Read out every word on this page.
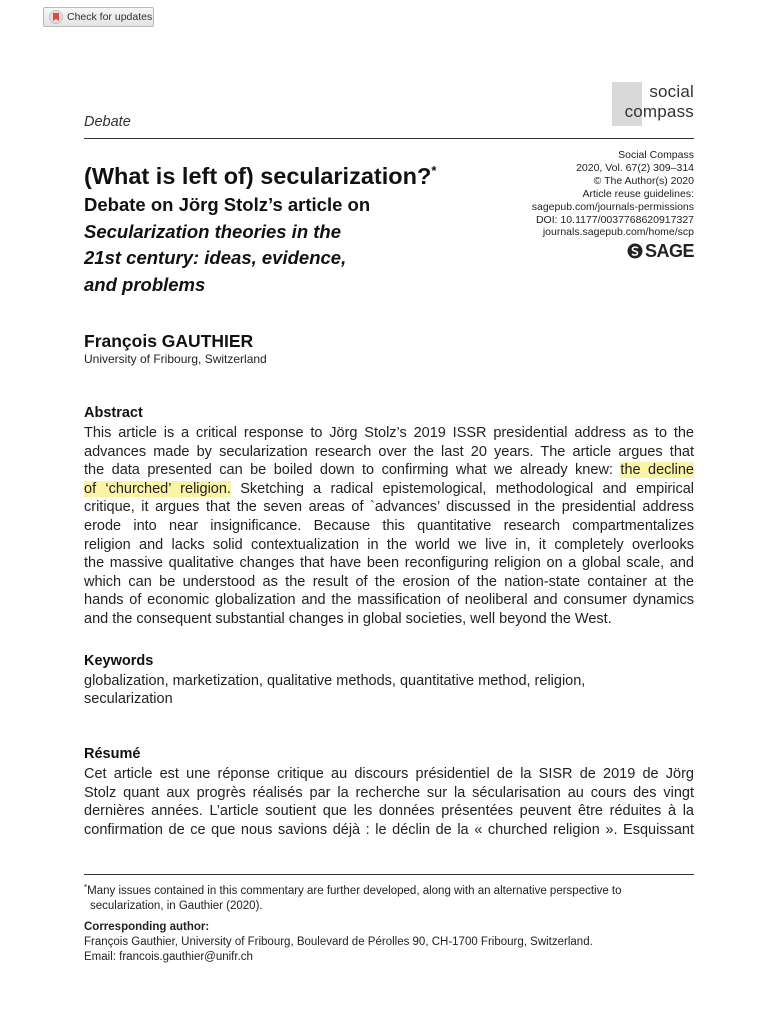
Check for updates
social
compass
Debate
Social Compass
2020, Vol. 67(2) 309–314
© The Author(s) 2020
Article reuse guidelines:
sagepub.com/journals-permissions
DOI: 10.1177/0037768620917327
journals.sagepub.com/home/scp
SAGE
(What is left of) secularization?*
Debate on Jörg Stolz’s article on
Secularization theories in the
21st century: ideas, evidence,
and problems
François GAUTHIER
University of Fribourg, Switzerland
Abstract
This article is a critical response to Jörg Stolz’s 2019 ISSR presidential address as to the
advances made by secularization research over the last 20 years. The article argues that
the data presented can be boiled down to confirming what we already knew: the decline
of ‘churched’ religion. Sketching a radical epistemological, methodological and empirical
critique, it argues that the seven areas of `advances’ discussed in the presidential address
erode into near insignificance. Because this quantitative research compartmentalizes
religion and lacks solid contextualization in the world we live in, it completely overlooks
the massive qualitative changes that have been reconfiguring religion on a global scale, and
which can be understood as the result of the erosion of the nation-state container at the
hands of economic globalization and the massification of neoliberal and consumer dynamics
and the consequent substantial changes in global societies, well beyond the West.
Keywords
globalization, marketization, qualitative methods, quantitative method, religion,
secularization
Résumé
Cet article est une réponse critique au discours présidentiel de la SISR de 2019 de Jörg
Stolz quant aux progrès réalisés par la recherche sur la sécularisation au cours des vingt
dernières années. L’article soutient que les données présentées peuvent être réduites à la
confirmation de ce que nous savions déjà : le déclin de la « churched religion ». Esquissant
*Many issues contained in this commentary are further developed, along with an alternative perspective to
secularization, in Gauthier (2020).
Corresponding author:
François Gauthier, University of Fribourg, Boulevard de Pérolles 90, CH-1700 Fribourg, Switzerland.
Email: francois.gauthier@unifr.ch
